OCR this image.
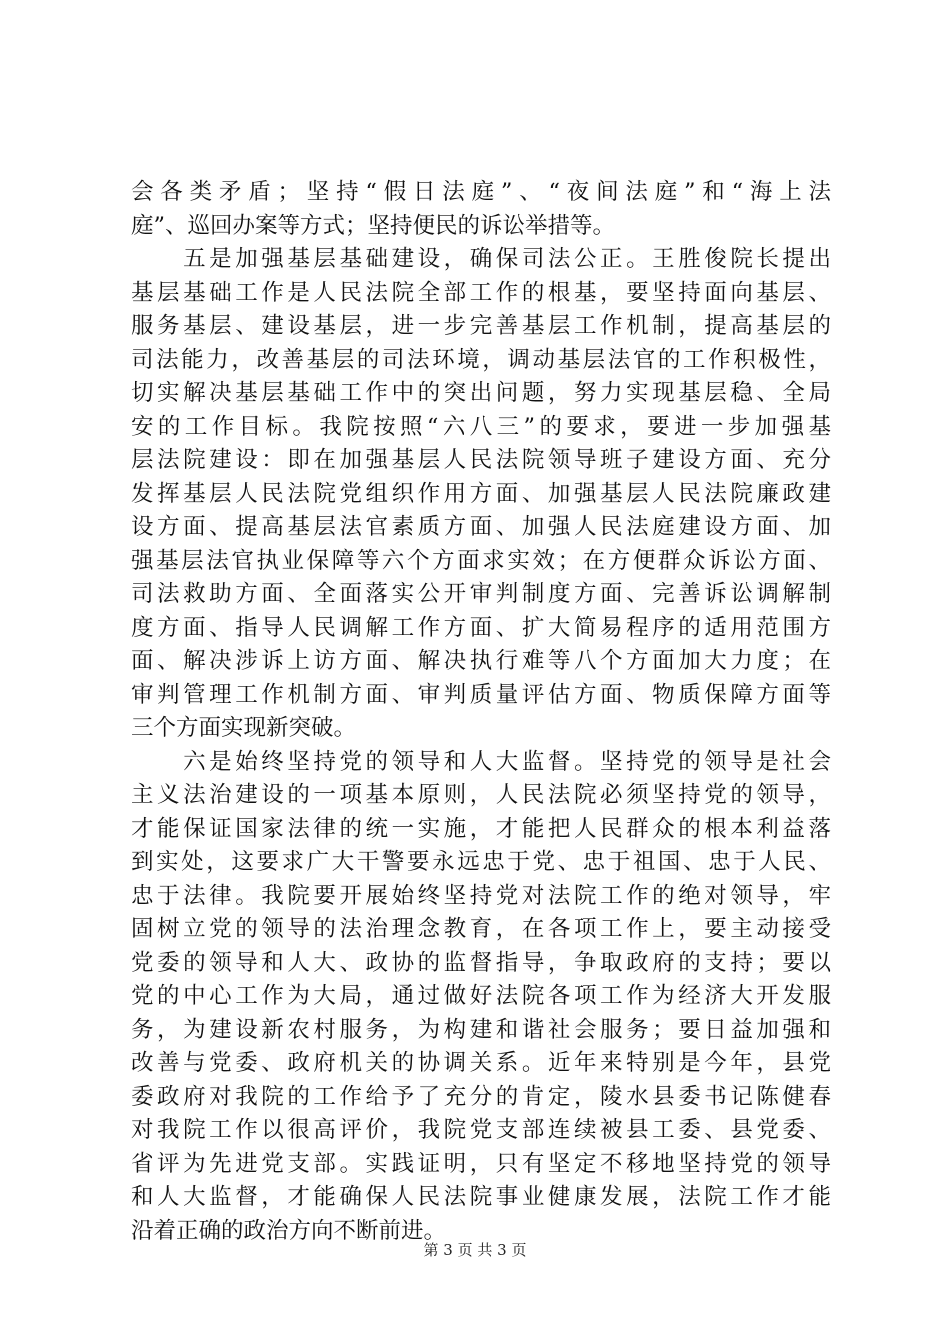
会各类矛盾；坚持“假日法庭”、“夜间法庭”和“海上法
庭”、巡回办案等方式；坚持便民的诉讼举措等。
　　五是加强基层基础建设，确保司法公正。王胜俊院长提出
基层基础工作是人民法院全部工作的根基，要坚持面向基层、
服务基层、建设基层，进一步完善基层工作机制，提高基层的
司法能力，改善基层的司法环境，调动基层法官的工作积极性，
切实解决基层基础工作中的突出问题，努力实现基层稳、全局
安的工作目标。我院按照“六八三”的要求，要进一步加强基
层法院建设：即在加强基层人民法院领导班子建设方面、充分
发挥基层人民法院党组织作用方面、加强基层人民法院廉政建
设方面、提高基层法官素质方面、加强人民法庭建设方面、加
强基层法官执业保障等六个方面求实效；在方便群众诉讼方面、
司法救助方面、全面落实公开审判制度方面、完善诉讼调解制
度方面、指导人民调解工作方面、扩大简易程序的适用范围方
面、解决涉诉上访方面、解决执行难等八个方面加大力度；在
审判管理工作机制方面、审判质量评估方面、物质保障方面等
三个方面实现新突破。
　　六是始终坚持党的领导和人大监督。坚持党的领导是社会
主义法治建设的一项基本原则，人民法院必须坚持党的领导，
才能保证国家法律的统一实施，才能把人民群众的根本利益落
到实处，这要求广大干警要永远忠于党、忠于祖国、忠于人民、
忠于法律。我院要开展始终坚持党对法院工作的绝对领导，牢
固树立党的领导的法治理念教育，在各项工作上，要主动接受
党委的领导和人大、政协的监督指导，争取政府的支持；要以
党的中心工作为大局，通过做好法院各项工作为经济大开发服
务，为建设新农村服务，为构建和谐社会服务；要日益加强和
改善与党委、政府机关的协调关系。近年来特别是今年，县党
委政府对我院的工作给予了充分的肯定，陵水县委书记陈健春
对我院工作以很高评价，我院党支部连续被县工委、县党委、
省评为先进党支部。实践证明，只有坚定不移地坚持党的领导
和人大监督，才能确保人民法院事业健康发展，法院工作才能
沿着正确的政治方向不断前进。
第 3 页 共 3 页
